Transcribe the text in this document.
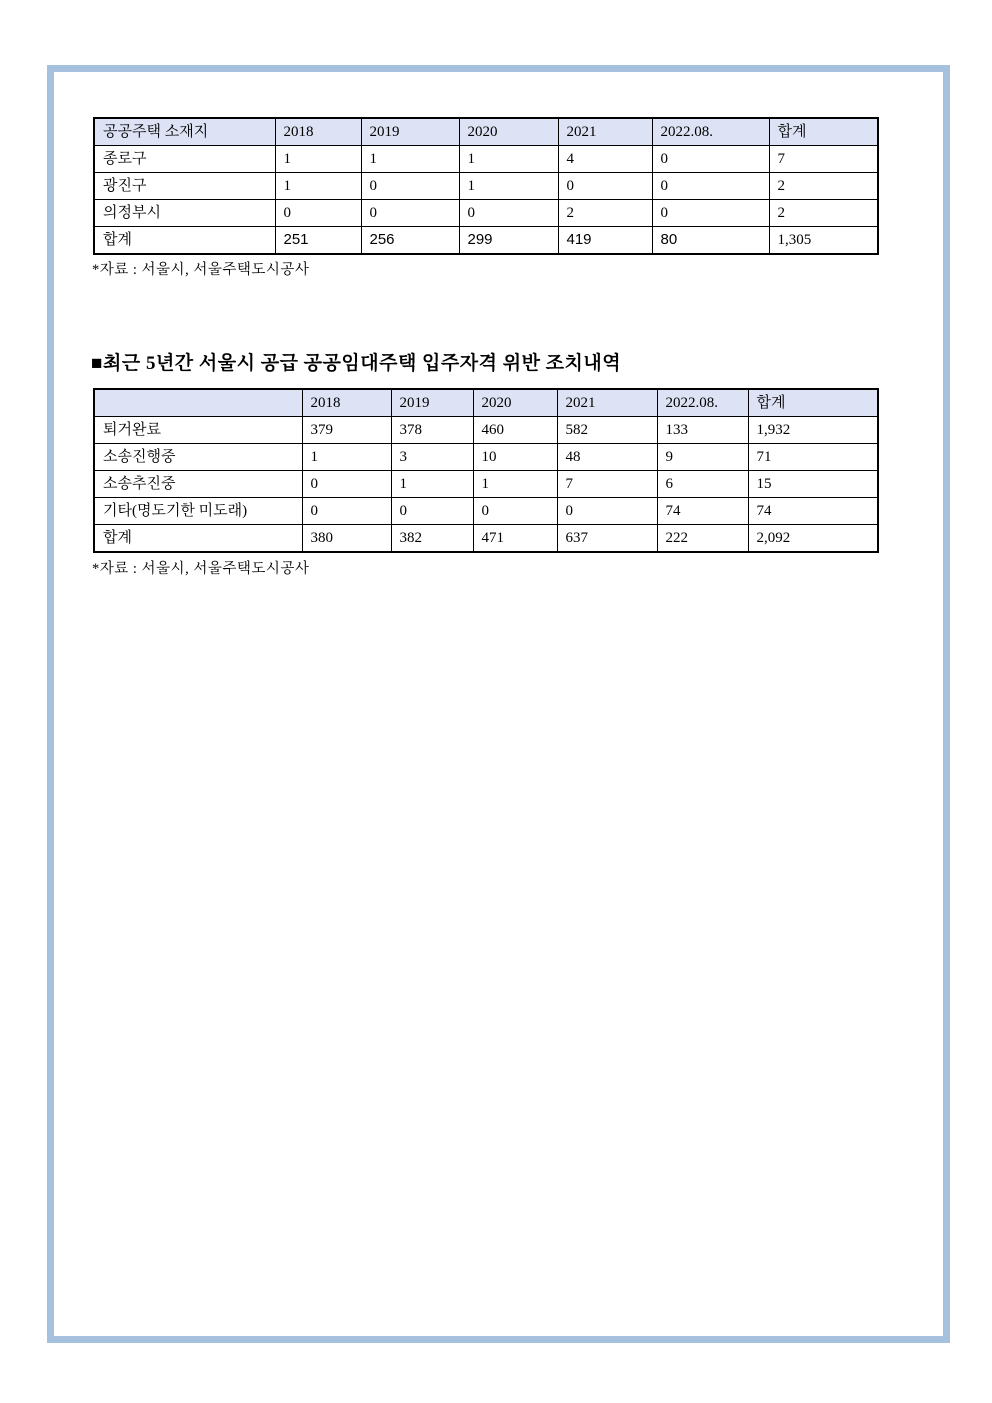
공공주택 소재지	2018	2019	2020	2021	2022.08.	합계
종로구	1	1	1	4	0	7
광진구	1	0	1	0	0	2
의정부시	0	0	0	2	0	2
합계	251	256	299	419	80	1,305
*자료 : 서울시, 서울주택도시공사
■최근 5년간 서울시 공급 공공임대주택 입주자격 위반 조치내역
	2018	2019	2020	2021	2022.08.	합계
퇴거완료	379	378	460	582	133	1,932
소송진행중	1	3	10	48	9	71
소송추진중	0	1	1	7	6	15
기타(명도기한 미도래)	0	0	0	0	74	74
합계	380	382	471	637	222	2,092
*자료 : 서울시, 서울주택도시공사
